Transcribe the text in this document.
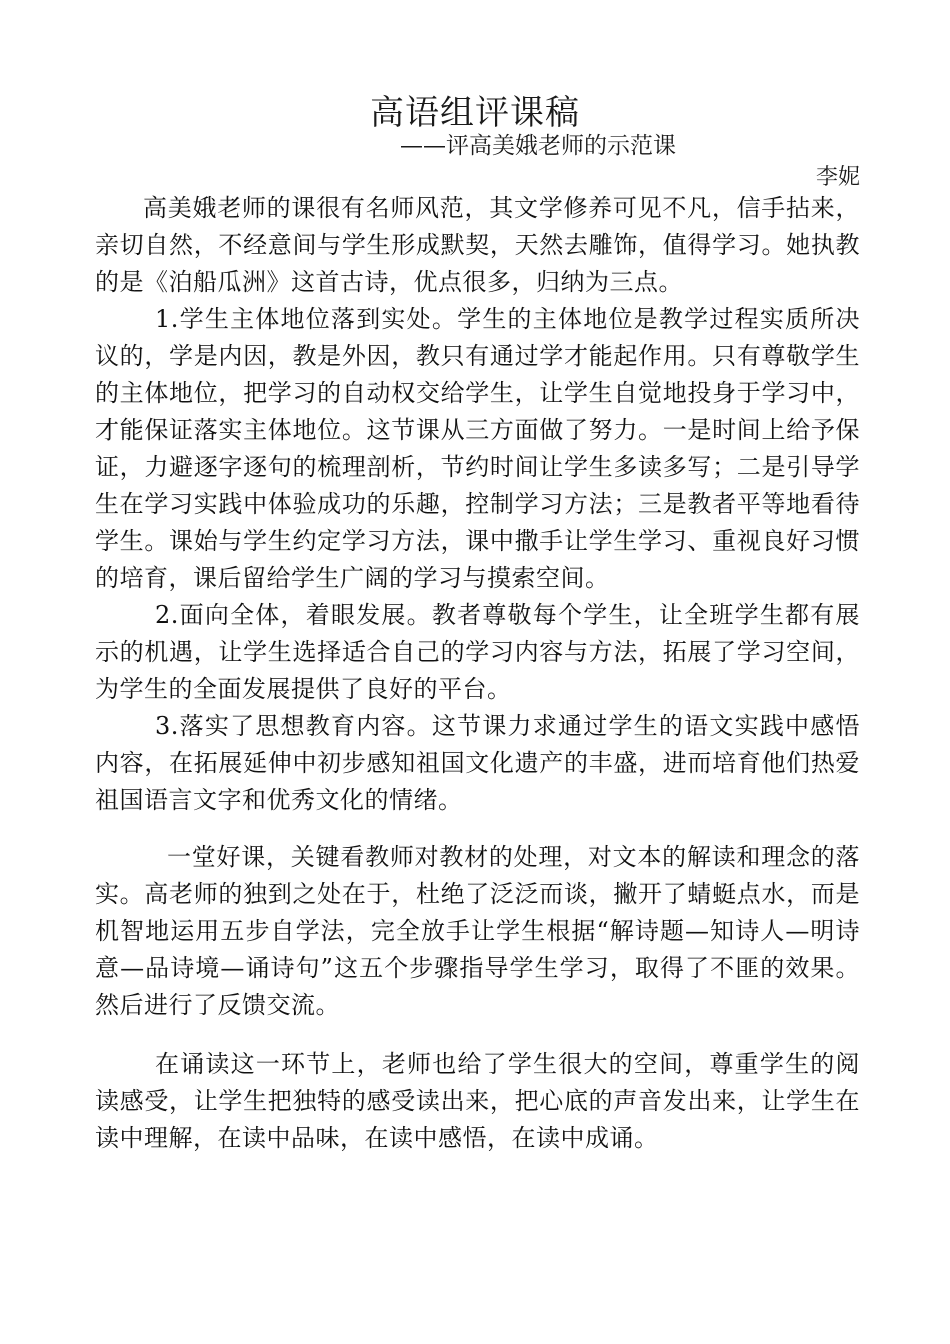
高语组评课稿
——评高美娥老师的示范课
李妮

高美娥老师的课很有名师风范，其文学修养可见不凡，信手拈来，亲切自然，不经意间与学生形成默契，天然去雕饰，值得学习。她执教的是《泊船瓜洲》这首古诗，优点很多，归纳为三点。

1.学生主体地位落到实处。学生的主体地位是教学过程实质所决议的，学是内因，教是外因，教只有通过学才能起作用。只有尊敬学生的主体地位，把学习的自动权交给学生，让学生自觉地投身于学习中，才能保证落实主体地位。这节课从三方面做了努力。一是时间上给予保证，力避逐字逐句的梳理剖析，节约时间让学生多读多写；二是引导学生在学习实践中体验成功的乐趣，控制学习方法；三是教者平等地看待学生。课始与学生约定学习方法，课中撒手让学生学习、重视良好习惯的培育，课后留给学生广阔的学习与摸索空间。

2.面向全体，着眼发展。教者尊敬每个学生，让全班学生都有展示的机遇，让学生选择适合自己的学习内容与方法，拓展了学习空间，为学生的全面发展提供了良好的平台。

3.落实了思想教育内容。这节课力求通过学生的语文实践中感悟内容，在拓展延伸中初步感知祖国文化遗产的丰盛，进而培育他们热爱祖国语言文字和优秀文化的情绪。

一堂好课，关键看教师对教材的处理，对文本的解读和理念的落实。高老师的独到之处在于，杜绝了泛泛而谈，撇开了蜻蜓点水，而是机智地运用五步自学法，完全放手让学生根据“解诗题—知诗人—明诗意—品诗境—诵诗句”这五个步骤指导学生学习，取得了不匪的效果。然后进行了反馈交流。

在诵读这一环节上，老师也给了学生很大的空间，尊重学生的阅读感受，让学生把独特的感受读出来，把心底的声音发出来，让学生在读中理解，在读中品味，在读中感悟，在读中成诵。
